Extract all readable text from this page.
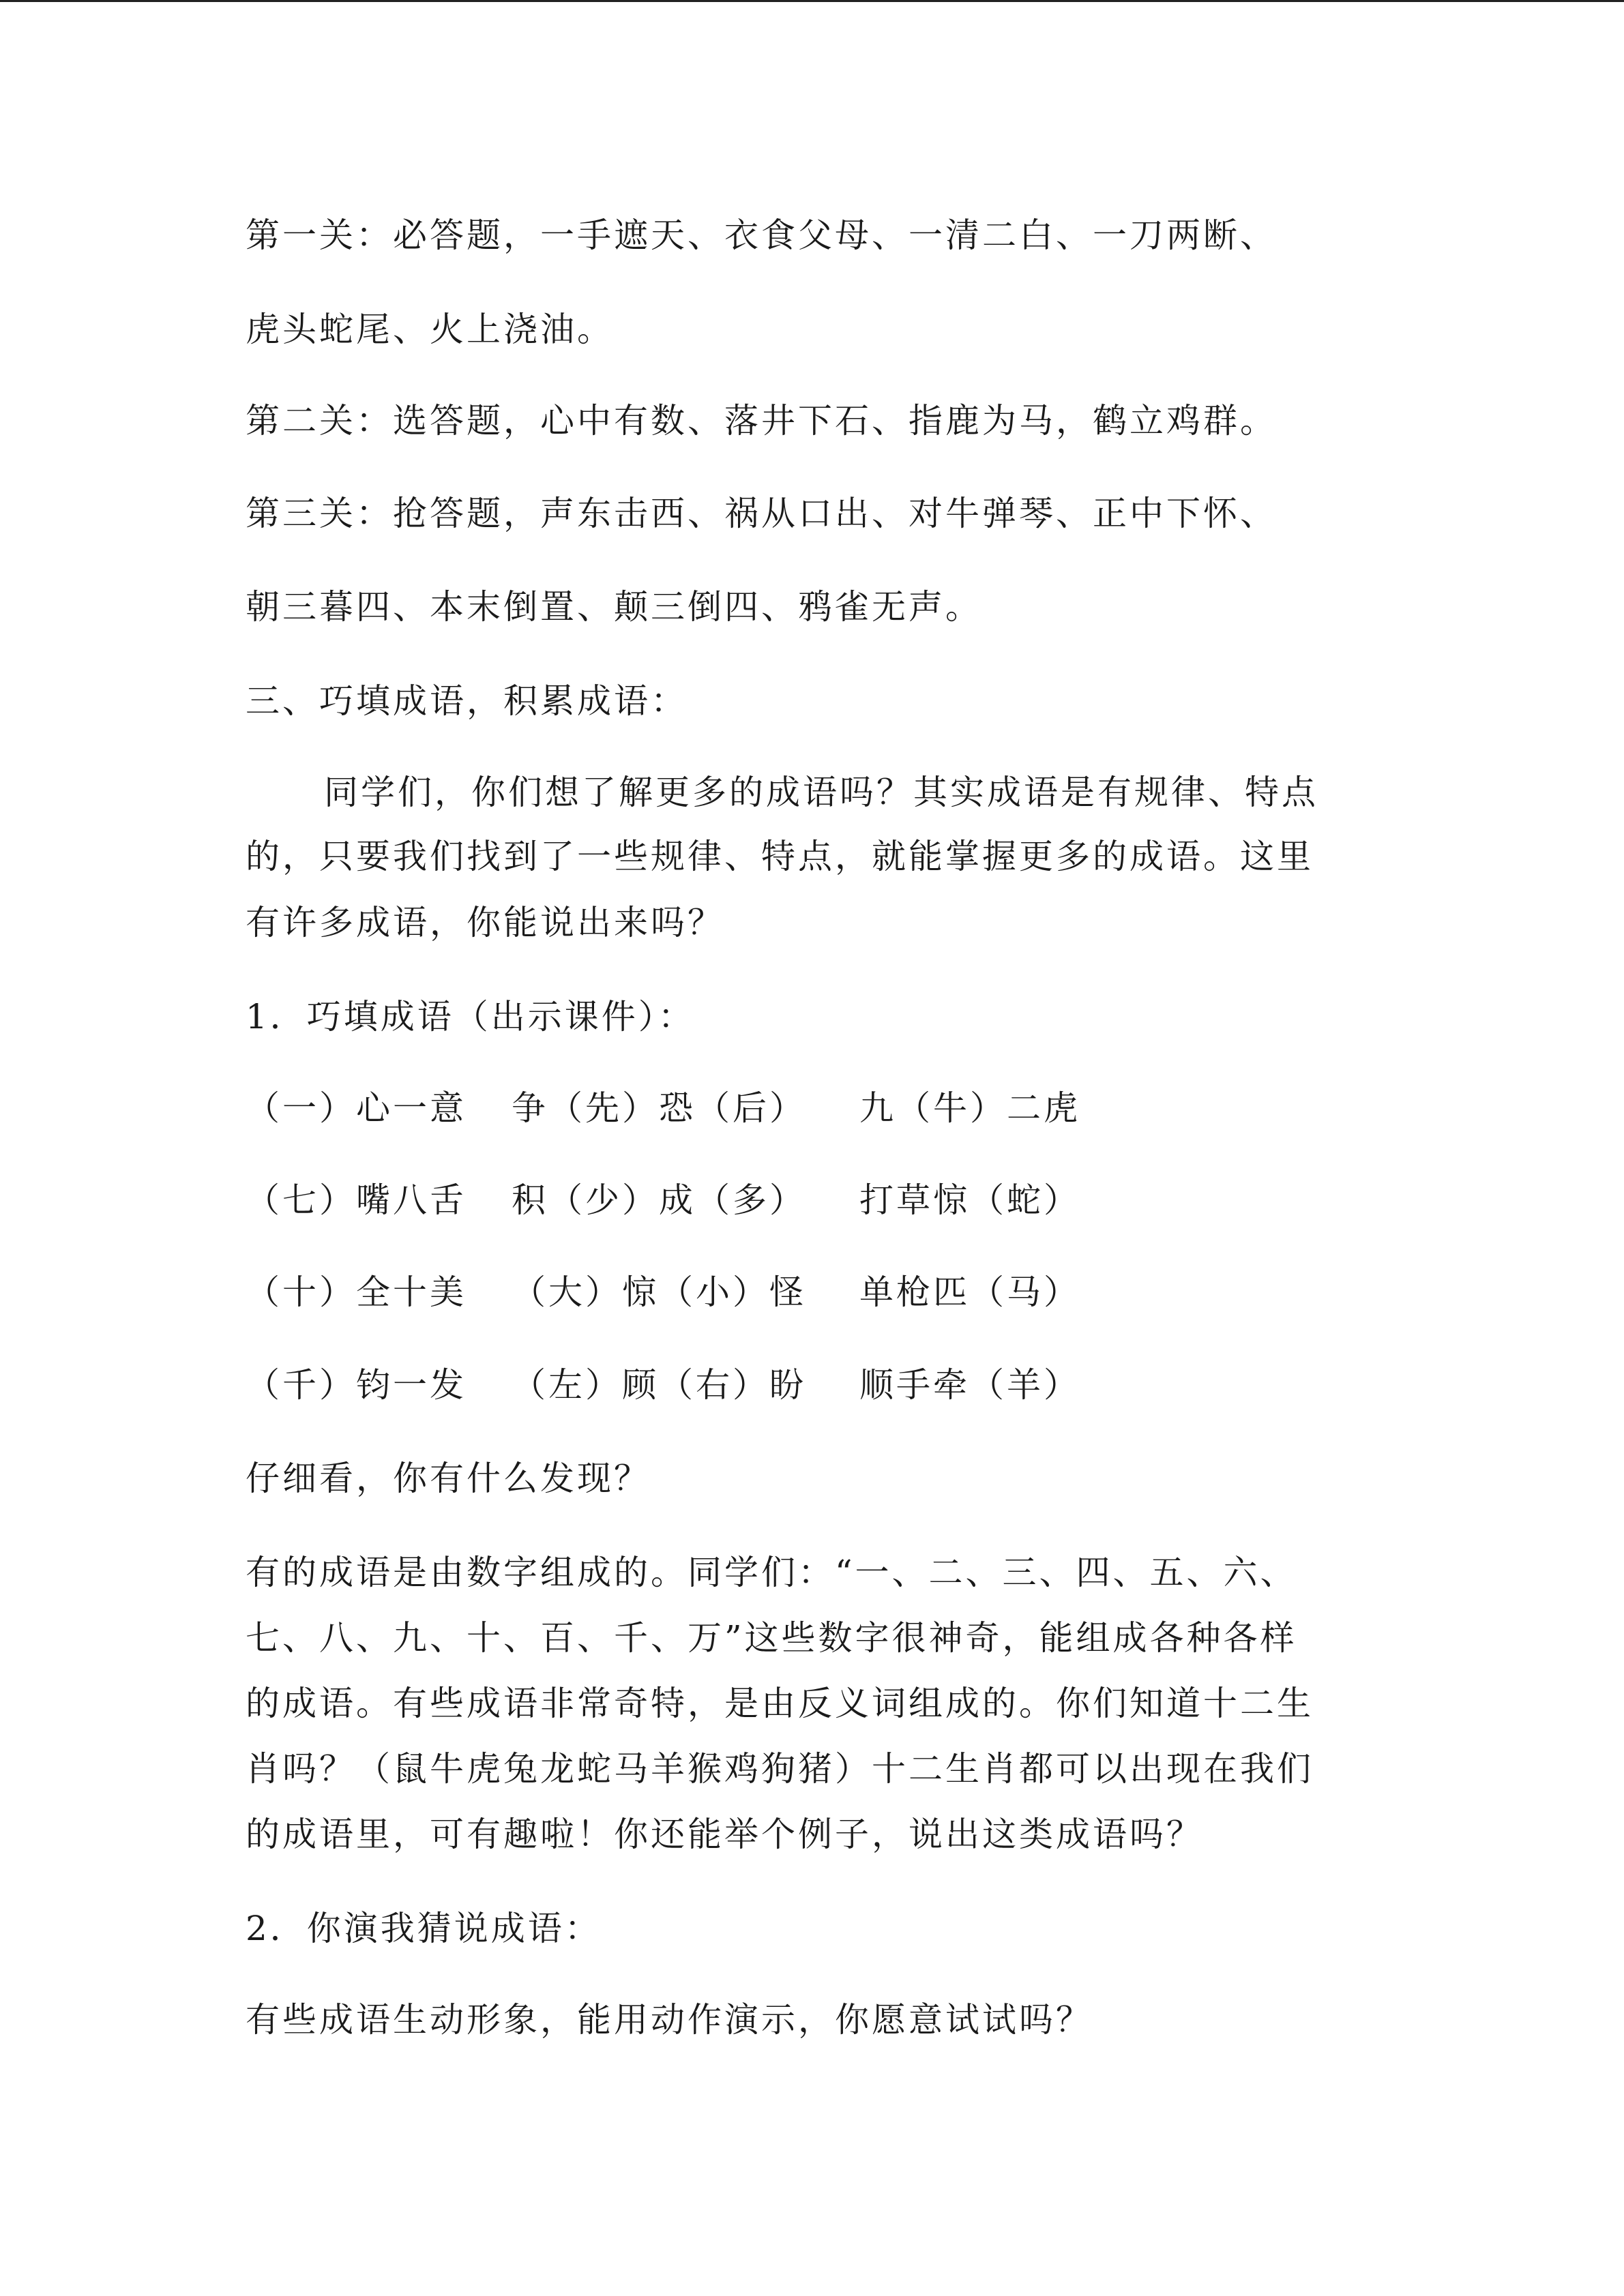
第一关：必答题，一手遮天、衣食父母、一清二白、一刀两断、
虎头蛇尾、火上浇油。
第二关：选答题，心中有数、落井下石、指鹿为马，鹤立鸡群。
第三关：抢答题，声东击西、祸从口出、对牛弹琴、正中下怀、
朝三暮四、本末倒置、颠三倒四、鸦雀无声。
三、巧填成语，积累成语：
同学们，你们想了解更多的成语吗？其实成语是有规律、特点
的，只要我们找到了一些规律、特点，就能掌握更多的成语。这里
有许多成语，你能说出来吗？
1．巧填成语（出示课件）：
（一）心一意 争（先）恐（后） 九（牛）二虎
（七）嘴八舌 积（少）成（多） 打草惊（蛇）
（十）全十美 （大）惊（小）怪 单枪匹（马）
（千）钧一发 （左）顾（右）盼 顺手牵（羊）
仔细看，你有什么发现？
有的成语是由数字组成的。同学们：“一、二、三、四、五、六、
七、八、九、十、百、千、万”这些数字很神奇，能组成各种各样
的成语。有些成语非常奇特，是由反义词组成的。你们知道十二生
肖吗？（鼠牛虎兔龙蛇马羊猴鸡狗猪）十二生肖都可以出现在我们
的成语里，可有趣啦！你还能举个例子，说出这类成语吗？
2．你演我猜说成语：
有些成语生动形象，能用动作演示，你愿意试试吗？
